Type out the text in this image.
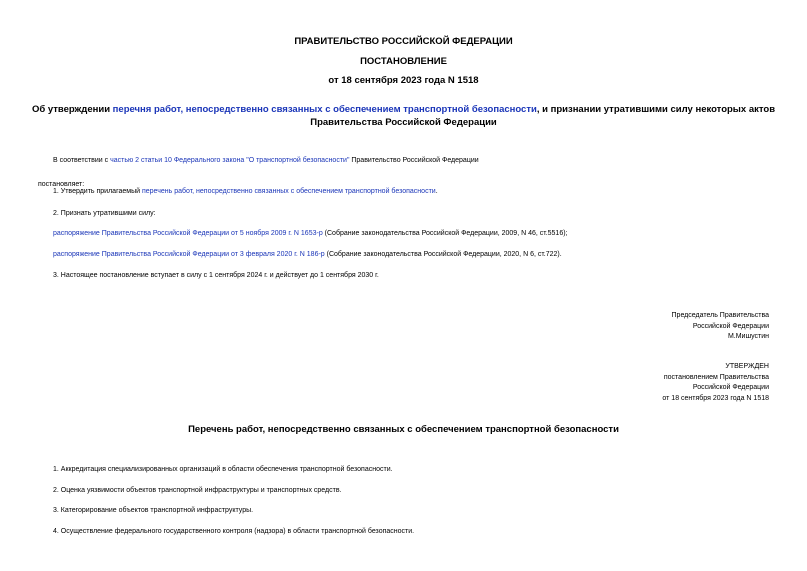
ПРАВИТЕЛЬСТВО РОССИЙСКОЙ ФЕДЕРАЦИИ
ПОСТАНОВЛЕНИЕ
от 18 сентября 2023 года N 1518
Об утверждении перечня работ, непосредственно связанных с обеспечением транспортной безопасности, и признании утратившими силу некоторых актов
Правительства Российской Федерации
В соответствии с частью 2 статьи 10 Федерального закона "О транспортной безопасности" Правительство Российской Федерации
постановляет:
1. Утвердить прилагаемый перечень работ, непосредственно связанных с обеспечением транспортной безопасности.
2. Признать утратившими силу:
распоряжение Правительства Российской Федерации от 5 ноября 2009 г. N 1653-р (Собрание законодательства Российской Федерации, 2009, N 46, ст.5516);
распоряжение Правительства Российской Федерации от 3 февраля 2020 г. N 186-р (Собрание законодательства Российской Федерации, 2020, N 6, ст.722).
3. Настоящее постановление вступает в силу с 1 сентября 2024 г. и действует до 1 сентября 2030 г.
Председатель Правительства
Российской Федерации
М.Мишустин
УТВЕРЖДЕН
постановлением Правительства
Российской Федерации
от 18 сентября 2023 года N 1518
Перечень работ, непосредственно связанных с обеспечением транспортной безопасности
1. Аккредитация специализированных организаций в области обеспечения транспортной безопасности.
2. Оценка уязвимости объектов транспортной инфраструктуры и транспортных средств.
3. Категорирование объектов транспортной инфраструктуры.
4. Осуществление федерального государственного контроля (надзора) в области транспортной безопасности.
